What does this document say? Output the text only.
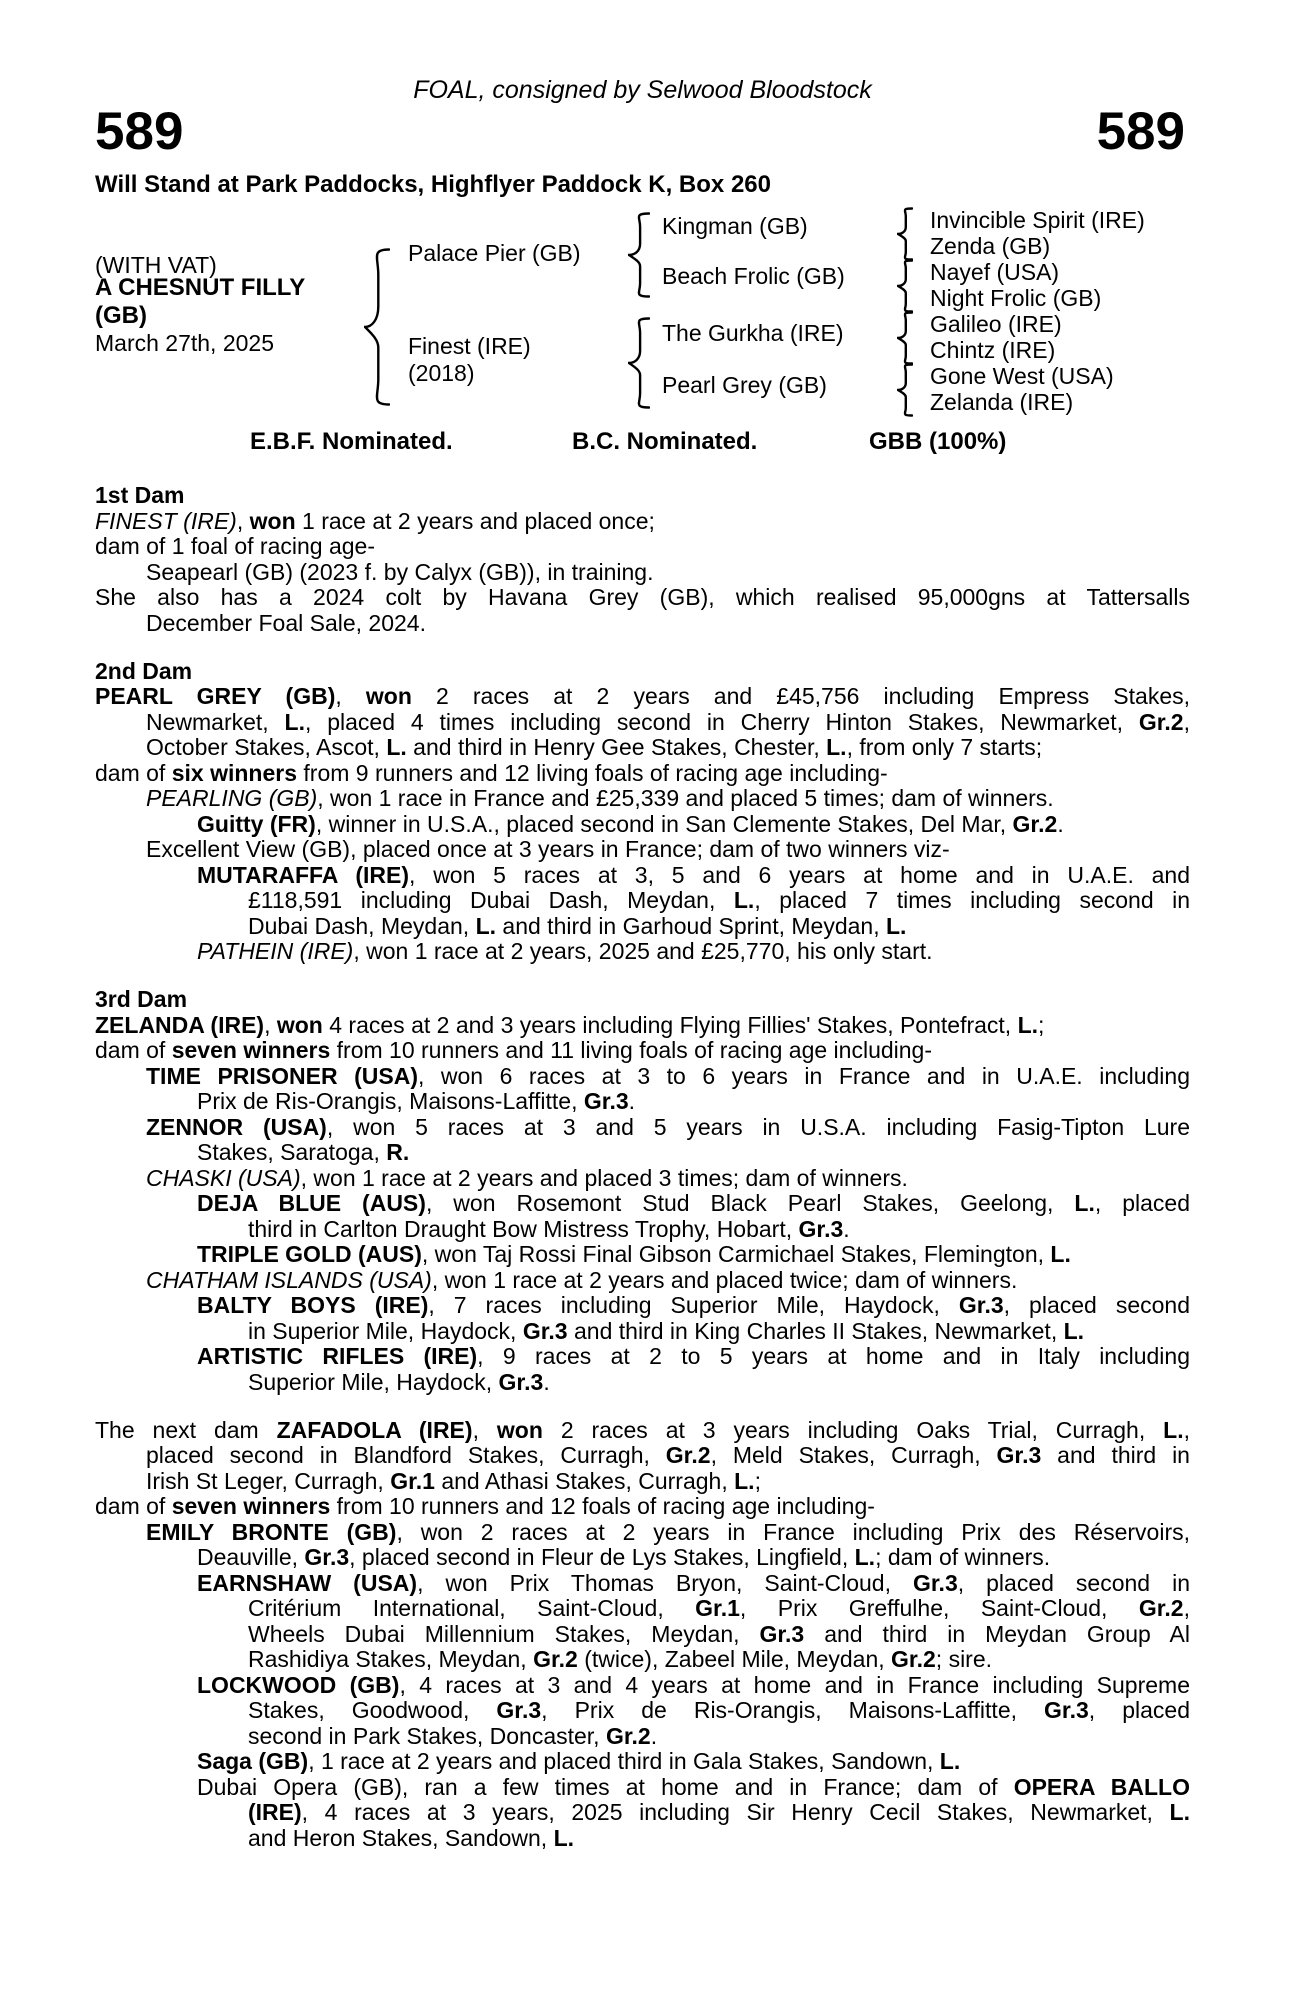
FOAL, consigned by Selwood Bloodstock
589	589
Will Stand at Park Paddocks, Highflyer Paddock K, Box 260
(WITH VAT)
A CHESNUT FILLY
(GB)
March 27th, 2025
Palace Pier (GB)
Finest (IRE)
(2018)
Kingman (GB)
Beach Frolic (GB)
The Gurkha (IRE)
Pearl Grey (GB)
Invincible Spirit (IRE)
Zenda (GB)
Nayef (USA)
Night Frolic (GB)
Galileo (IRE)
Chintz (IRE)
Gone West (USA)
Zelanda (IRE)
E.B.F. Nominated.	B.C. Nominated.	GBB (100%)
1st Dam
FINEST (IRE), won 1 race at 2 years and placed once;
dam of 1 foal of racing age-
Seapearl (GB) (2023 f. by Calyx (GB)), in training.
She also has a 2024 colt by Havana Grey (GB), which realised 95,000gns at Tattersalls
December Foal Sale, 2024.
2nd Dam
PEARL GREY (GB), won 2 races at 2 years and £45,756 including Empress Stakes,
Newmarket, L., placed 4 times including second in Cherry Hinton Stakes, Newmarket, Gr.2,
October Stakes, Ascot, L. and third in Henry Gee Stakes, Chester, L., from only 7 starts;
dam of six winners from 9 runners and 12 living foals of racing age including-
PEARLING (GB), won 1 race in France and £25,339 and placed 5 times; dam of winners.
Guitty (FR), winner in U.S.A., placed second in San Clemente Stakes, Del Mar, Gr.2.
Excellent View (GB), placed once at 3 years in France; dam of two winners viz-
MUTARAFFA (IRE), won 5 races at 3, 5 and 6 years at home and in U.A.E. and
£118,591 including Dubai Dash, Meydan, L., placed 7 times including second in
Dubai Dash, Meydan, L. and third in Garhoud Sprint, Meydan, L.
PATHEIN (IRE), won 1 race at 2 years, 2025 and £25,770, his only start.
3rd Dam
ZELANDA (IRE), won 4 races at 2 and 3 years including Flying Fillies' Stakes, Pontefract, L.;
dam of seven winners from 10 runners and 11 living foals of racing age including-
TIME PRISONER (USA), won 6 races at 3 to 6 years in France and in U.A.E. including
Prix de Ris-Orangis, Maisons-Laffitte, Gr.3.
ZENNOR (USA), won 5 races at 3 and 5 years in U.S.A. including Fasig-Tipton Lure
Stakes, Saratoga, R.
CHASKI (USA), won 1 race at 2 years and placed 3 times; dam of winners.
DEJA BLUE (AUS), won Rosemont Stud Black Pearl Stakes, Geelong, L., placed
third in Carlton Draught Bow Mistress Trophy, Hobart, Gr.3.
TRIPLE GOLD (AUS), won Taj Rossi Final Gibson Carmichael Stakes, Flemington, L.
CHATHAM ISLANDS (USA), won 1 race at 2 years and placed twice; dam of winners.
BALTY BOYS (IRE), 7 races including Superior Mile, Haydock, Gr.3, placed second
in Superior Mile, Haydock, Gr.3 and third in King Charles II Stakes, Newmarket, L.
ARTISTIC RIFLES (IRE), 9 races at 2 to 5 years at home and in Italy including
Superior Mile, Haydock, Gr.3.
The next dam ZAFADOLA (IRE), won 2 races at 3 years including Oaks Trial, Curragh, L.,
placed second in Blandford Stakes, Curragh, Gr.2, Meld Stakes, Curragh, Gr.3 and third in
Irish St Leger, Curragh, Gr.1 and Athasi Stakes, Curragh, L.;
dam of seven winners from 10 runners and 12 foals of racing age including-
EMILY BRONTE (GB), won 2 races at 2 years in France including Prix des Réservoirs,
Deauville, Gr.3, placed second in Fleur de Lys Stakes, Lingfield, L.; dam of winners.
EARNSHAW (USA), won Prix Thomas Bryon, Saint-Cloud, Gr.3, placed second in
Critérium International, Saint-Cloud, Gr.1, Prix Greffulhe, Saint-Cloud, Gr.2,
Wheels Dubai Millennium Stakes, Meydan, Gr.3 and third in Meydan Group Al
Rashidiya Stakes, Meydan, Gr.2 (twice), Zabeel Mile, Meydan, Gr.2; sire.
LOCKWOOD (GB), 4 races at 3 and 4 years at home and in France including Supreme
Stakes, Goodwood, Gr.3, Prix de Ris-Orangis, Maisons-Laffitte, Gr.3, placed
second in Park Stakes, Doncaster, Gr.2.
Saga (GB), 1 race at 2 years and placed third in Gala Stakes, Sandown, L.
Dubai Opera (GB), ran a few times at home and in France; dam of OPERA BALLO
(IRE), 4 races at 3 years, 2025 including Sir Henry Cecil Stakes, Newmarket, L.
and Heron Stakes, Sandown, L.
